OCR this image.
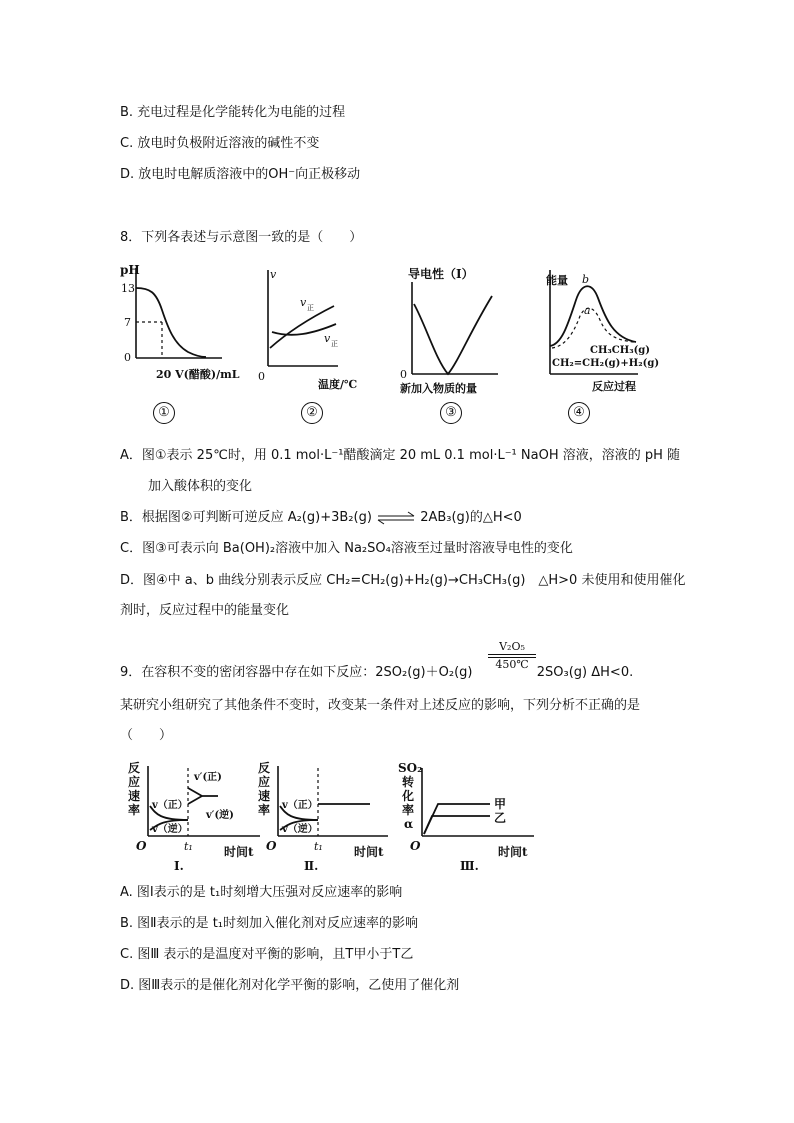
B. 充电过程是化学能转化为电能的过程
C. 放电时负极附近溶液的碱性不变
D. 放电时电解质溶液中的OH⁻向正极移动
8．下列各表述与示意图一致的是（　　）
pH
13
7
0
20 V(醋酸)/mL
①
v
v 正
v 正
0
温度/℃
②
导电性（I）
0
新加入物质的量
③
能量 b
a
CH₃CH₃(g)
CH₂=CH₂(g)+H₂(g)
反应过程
④
A．图①表示 25℃时，用 0.1 mol·L⁻¹醋酸滴定 20 mL 0.1 mol·L⁻¹ NaOH 溶液，溶液的 pH 随
加入酸体积的变化
B．根据图②可判断可逆反应 A₂(g)+3B₂(g) ⇌ 2AB₃(g)的△H<0
C．图③可表示向 Ba(OH)₂溶液中加入 Na₂SO₄溶液至过量时溶液导电性的变化
D．图④中 a、b 曲线分别表示反应 CH₂=CH₂(g)+H₂(g)→CH₃CH₃(g)　△H>0 未使用和使用催化
剂时，反应过程中的能量变化
9．在容积不变的密闭容器中存在如下反应：2SO₂(g)＋O₂(g)	2SO₃(g) ΔH<0.
V₂O₅
450℃
某研究小组研究了其他条件不变时，改变某一条件对上述反应的影响，下列分析不正确的是
（　　）
反
应
速
率
v′(正)
v（正）
v′(逆)
v（逆）
O	t₁	时间t
Ⅰ.
反
应
速
率 v（正）
v（逆）
O	t₁	时间t
Ⅱ.
SO₂
转
化
率
α
甲
乙
O	时间t
Ⅲ.
A. 图Ⅰ表示的是 t₁时刻增大压强对反应速率的影响
B. 图Ⅱ表示的是 t₁时刻加入催化剂对反应速率的影响
C. 图Ⅲ 表示的是温度对平衡的影响，且T甲小于T乙
D. 图Ⅲ表示的是催化剂对化学平衡的影响，乙使用了催化剂
